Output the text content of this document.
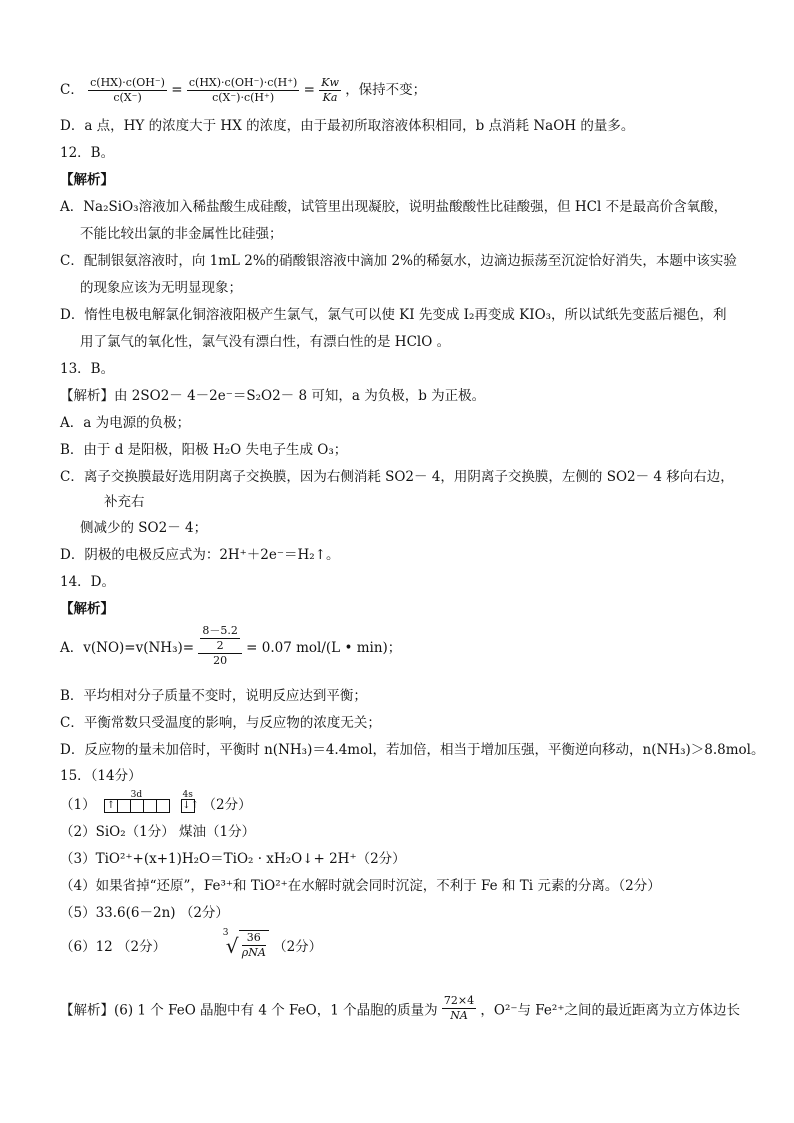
C． $\frac{c(HX)\cdot c(OH^-)}{c(X^-)} = \frac{c(HX)\cdot c(OH^-)\cdot c(H^+)}{c(X^-)\cdot c(H^+)} = \frac{Kw}{Ka}$ ，保持不变；
D．a 点，HY 的浓度大于 HX 的浓度，由于最初所取溶液体积相同，b 点消耗 NaOH 的量多。
12．B。
【解析】
A．Na₂SiO₃溶液加入稀盐酸生成硅酸，试管里出现凝胶，说明盐酸酸性比硅酸强，但 HCl 不是最高价含氧酸，
不能比较出氯的非金属性比硅强；
C．配制银氨溶液时，向 1mL 2%的硝酸银溶液中滴加 2%的稀氨水，边滴边振荡至沉淀恰好消失，本题中该实验
的现象应该为无明显现象；
D．惰性电极电解氯化铜溶液阳极产生氯气，氯气可以使 KI 先变成 I₂再变成 KIO₃，所以试纸先变蓝后褪色，利
用了氯气的氧化性，氯气没有漂白性，有漂白性的是 HClO 。
13．B。
【解析】由 2SO2－ 4－2e⁻＝S₂O2－ 8 可知，a 为负极，b 为正极。
A．a 为电源的负极；
B．由于 d 是阳极，阳极 H₂O 失电子生成 O₃；
C．离子交换膜最好选用阴离子交换膜，因为右侧消耗 SO2－ 4，用阴离子交换膜，左侧的 SO2－ 4 移向右边，
补充右
侧减少的 SO2－ 4；
D．阴极的电极反应式为：2H⁺＋2e⁻＝H₂↑。
14．D。
【解析】
A．$v(NO)=v(NH_3)= \frac{\frac{8-5.2}{2}}{20} = 0.07$ mol/(L • min)；
B．平均相对分子质量不变时，说明反应达到平衡；
C．平衡常数只受温度的影响，与反应物的浓度无关；
D．反应物的量未加倍时，平衡时 n(NH₃)＝4.4mol，若加倍，相当于增加压强，平衡逆向移动，n(NH₃)＞8.8mol。
15．（14分）
（1）
3d
↑
4s
↓↑ （2分）
（2）SiO₂（1分） 煤油（1分）
（3）TiO²⁺+(x+1)H₂O＝TiO₂ · xH₂O↓+ 2H⁺（2分）
（4）如果省掉“还原”，Fe³⁺和 TiO²⁺在水解时就会同时沉淀，不利于 Fe 和 Ti 元素的分离。（2分）
（5）33.6(6－2n) （2分）
（6）12 （2分）
3
√ 36
ρNA （2分）
【解析】(6) 1 个 FeO 晶胞中有 4 个 FeO，1 个晶胞的质量为 $\frac{72\times 4}{NA}$ ，O²⁻与 Fe²⁺之间的最近距离为立方体边长
